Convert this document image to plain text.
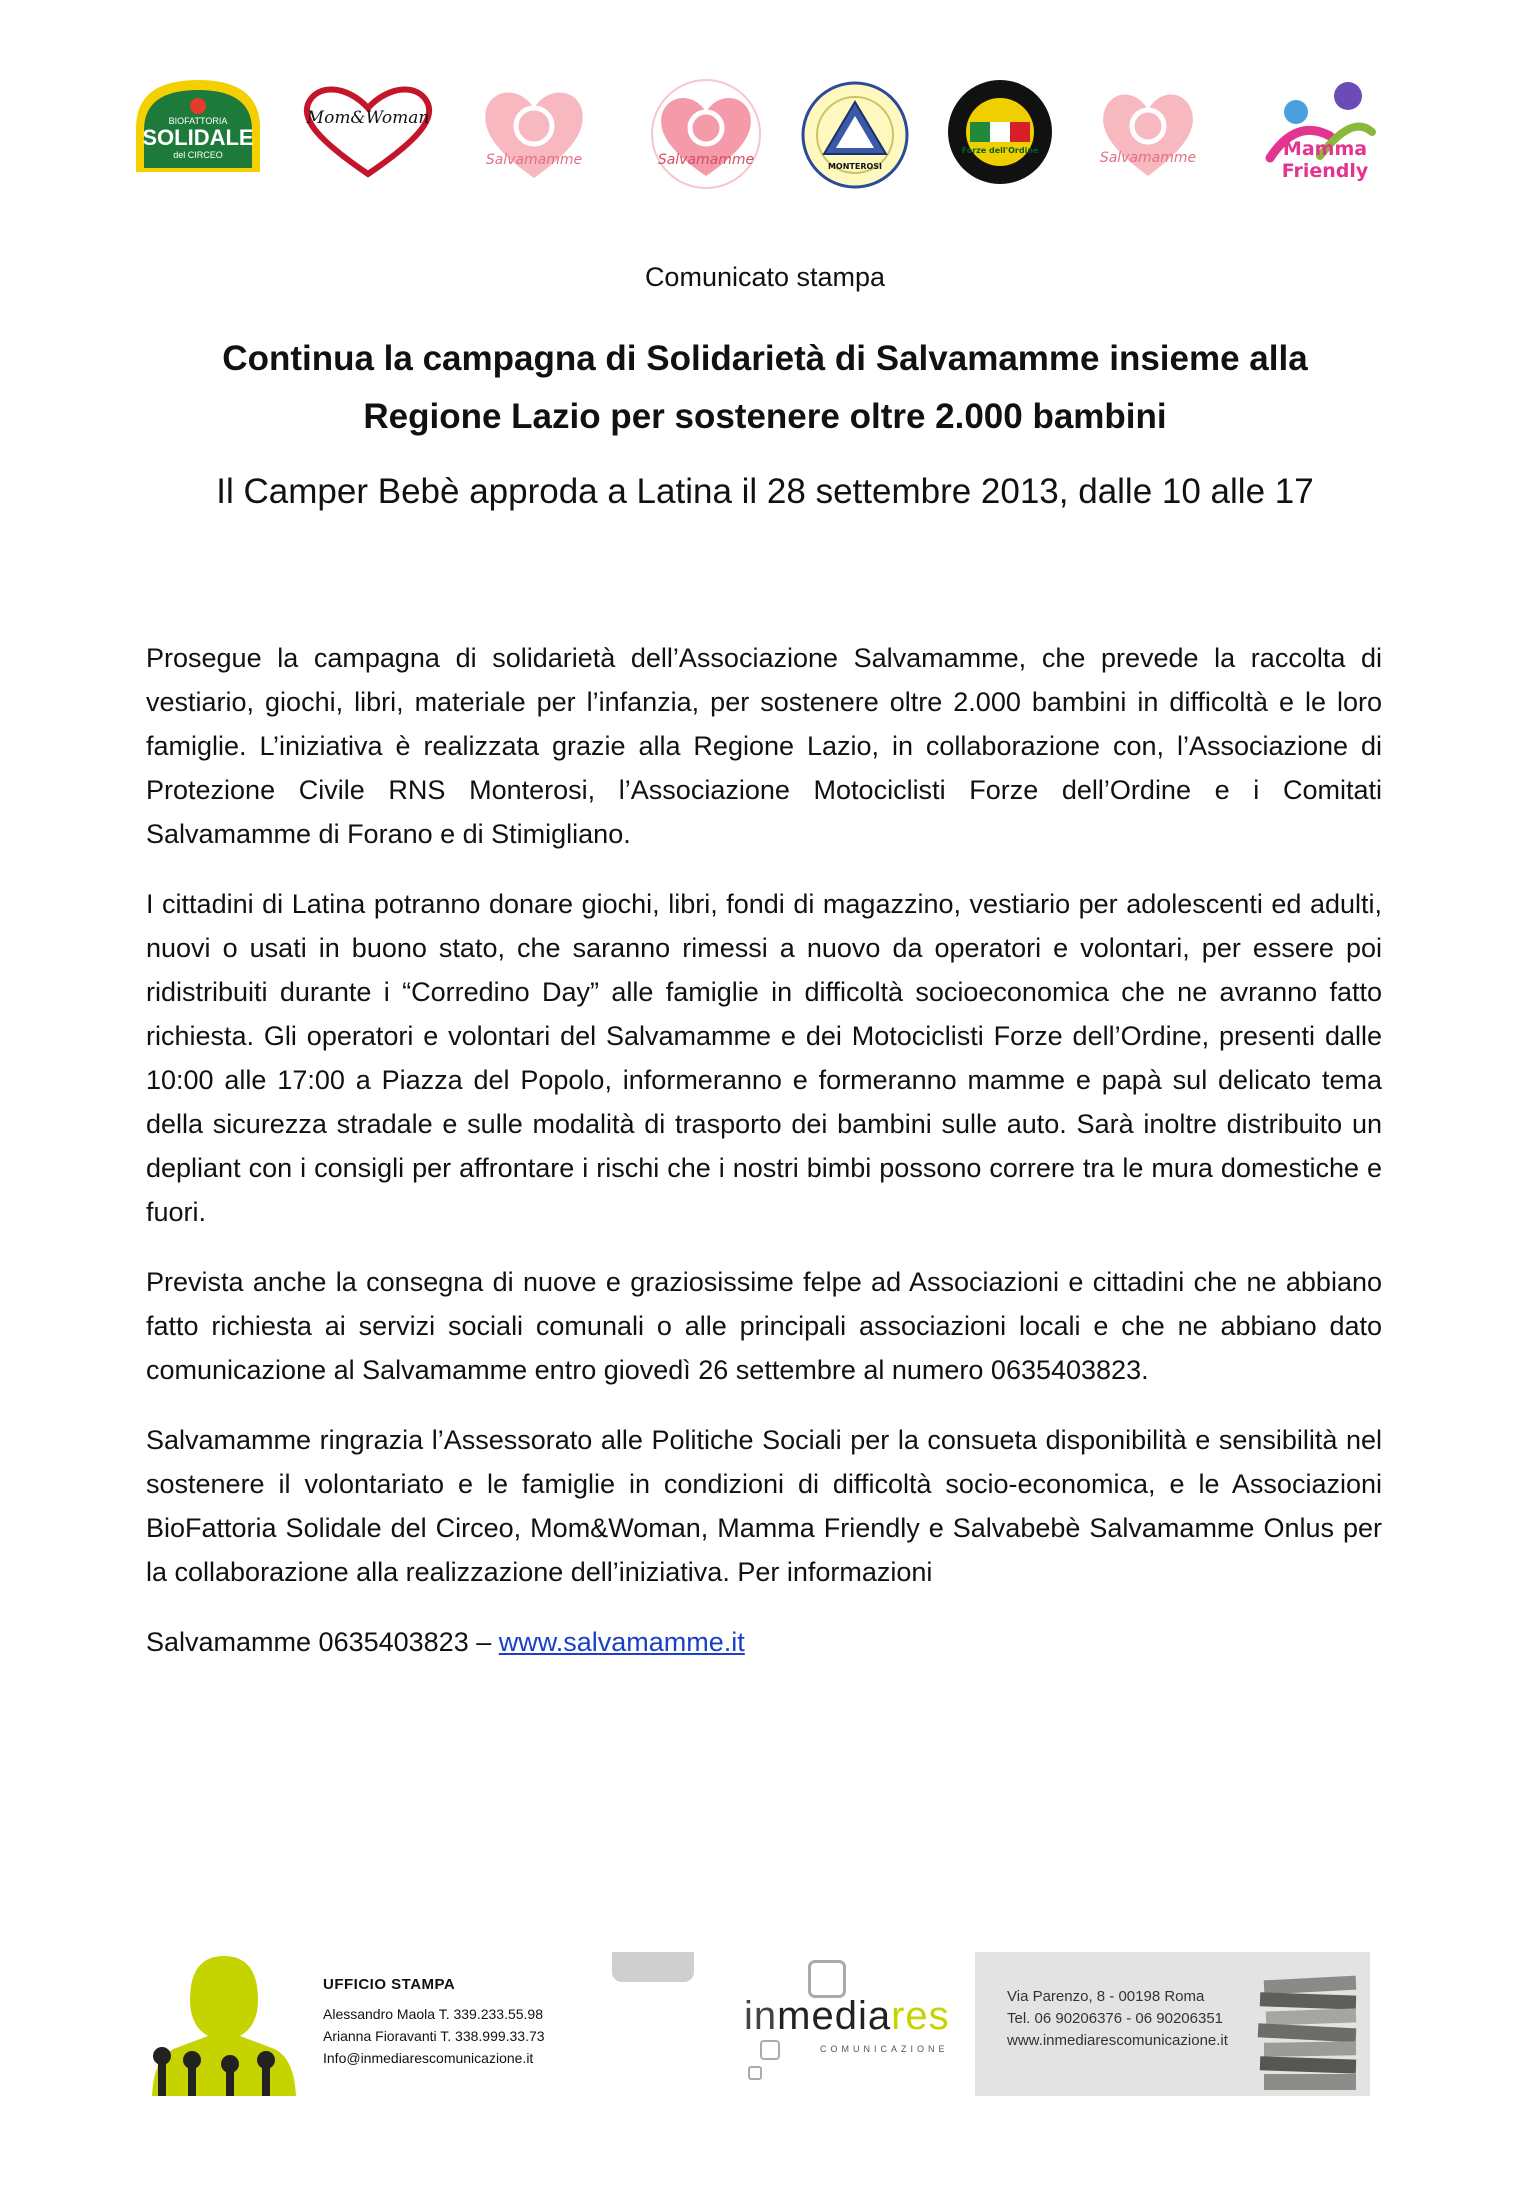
BIOFATTORIA
SOLIDALE
del CIRCEO
Mom&Woman
Salvamamme	Salvamamme	MONTEROSI
Forze dell'Ordine	Salvamamme	Mamma Friendly
Comunicato stampa
Continua la campagna di Solidarietà di Salvamamme insieme alla
Regione Lazio per sostenere oltre 2.000 bambini
Il Camper Bebè approda a Latina il 28 settembre 2013, dalle 10 alle 17

Prosegue la campagna di solidarietà dell’Associazione Salvamamme, che prevede la raccolta di vestiario, giochi, libri, materiale per l’infanzia, per sostenere oltre 2.000 bambini in difficoltà e le loro famiglie. L’iniziativa è realizzata grazie alla Regione Lazio, in collaborazione con, l’Associazione di Protezione Civile RNS Monterosi, l’Associazione Motociclisti Forze dell’Ordine e i Comitati Salvamamme di Forano e di Stimigliano.

I cittadini di Latina potranno donare giochi, libri, fondi di magazzino, vestiario per adolescenti ed adulti, nuovi o usati in buono stato, che saranno rimessi a nuovo da operatori e volontari, per essere poi ridistribuiti durante i “Corredino Day” alle famiglie in difficoltà socioeconomica che ne avranno fatto richiesta. Gli operatori e volontari del Salvamamme e dei Motociclisti Forze dell’Ordine, presenti dalle 10:00 alle 17:00 a Piazza del Popolo, informeranno e formeranno mamme e papà sul delicato tema della sicurezza stradale e sulle modalità di trasporto dei bambini sulle auto. Sarà inoltre distribuito un depliant con i consigli per affrontare i rischi che i nostri bimbi possono correre tra le mura domestiche e fuori.

Prevista anche la consegna di nuove e graziosissime felpe ad Associazioni e cittadini che ne abbiano fatto richiesta ai servizi sociali comunali o alle principali associazioni locali e che ne abbiano dato comunicazione al Salvamamme entro giovedì 26 settembre al numero 0635403823.

Salvamamme ringrazia l’Assessorato alle Politiche Sociali per la consueta disponibilità e sensibilità nel sostenere il volontariato e le famiglie in condizioni di difficoltà socio-economica, e le Associazioni BioFattoria Solidale del Circeo, Mom&Woman, Mamma Friendly e Salvabebè Salvamamme Onlus per la collaborazione alla realizzazione dell’iniziativa. Per informazioni

Salvamamme 0635403823 – www.salvamamme.it

UFFICIO STAMPA
Alessandro Maola T. 339.233.55.98
Arianna Fioravanti T. 338.999.33.73
Info@inmediarescomunicazione.it
inmediares
COMUNICAZIONE
Via Parenzo, 8 - 00198 Roma
Tel. 06 90206376 - 06 90206351
www.inmediarescomunicazione.it
